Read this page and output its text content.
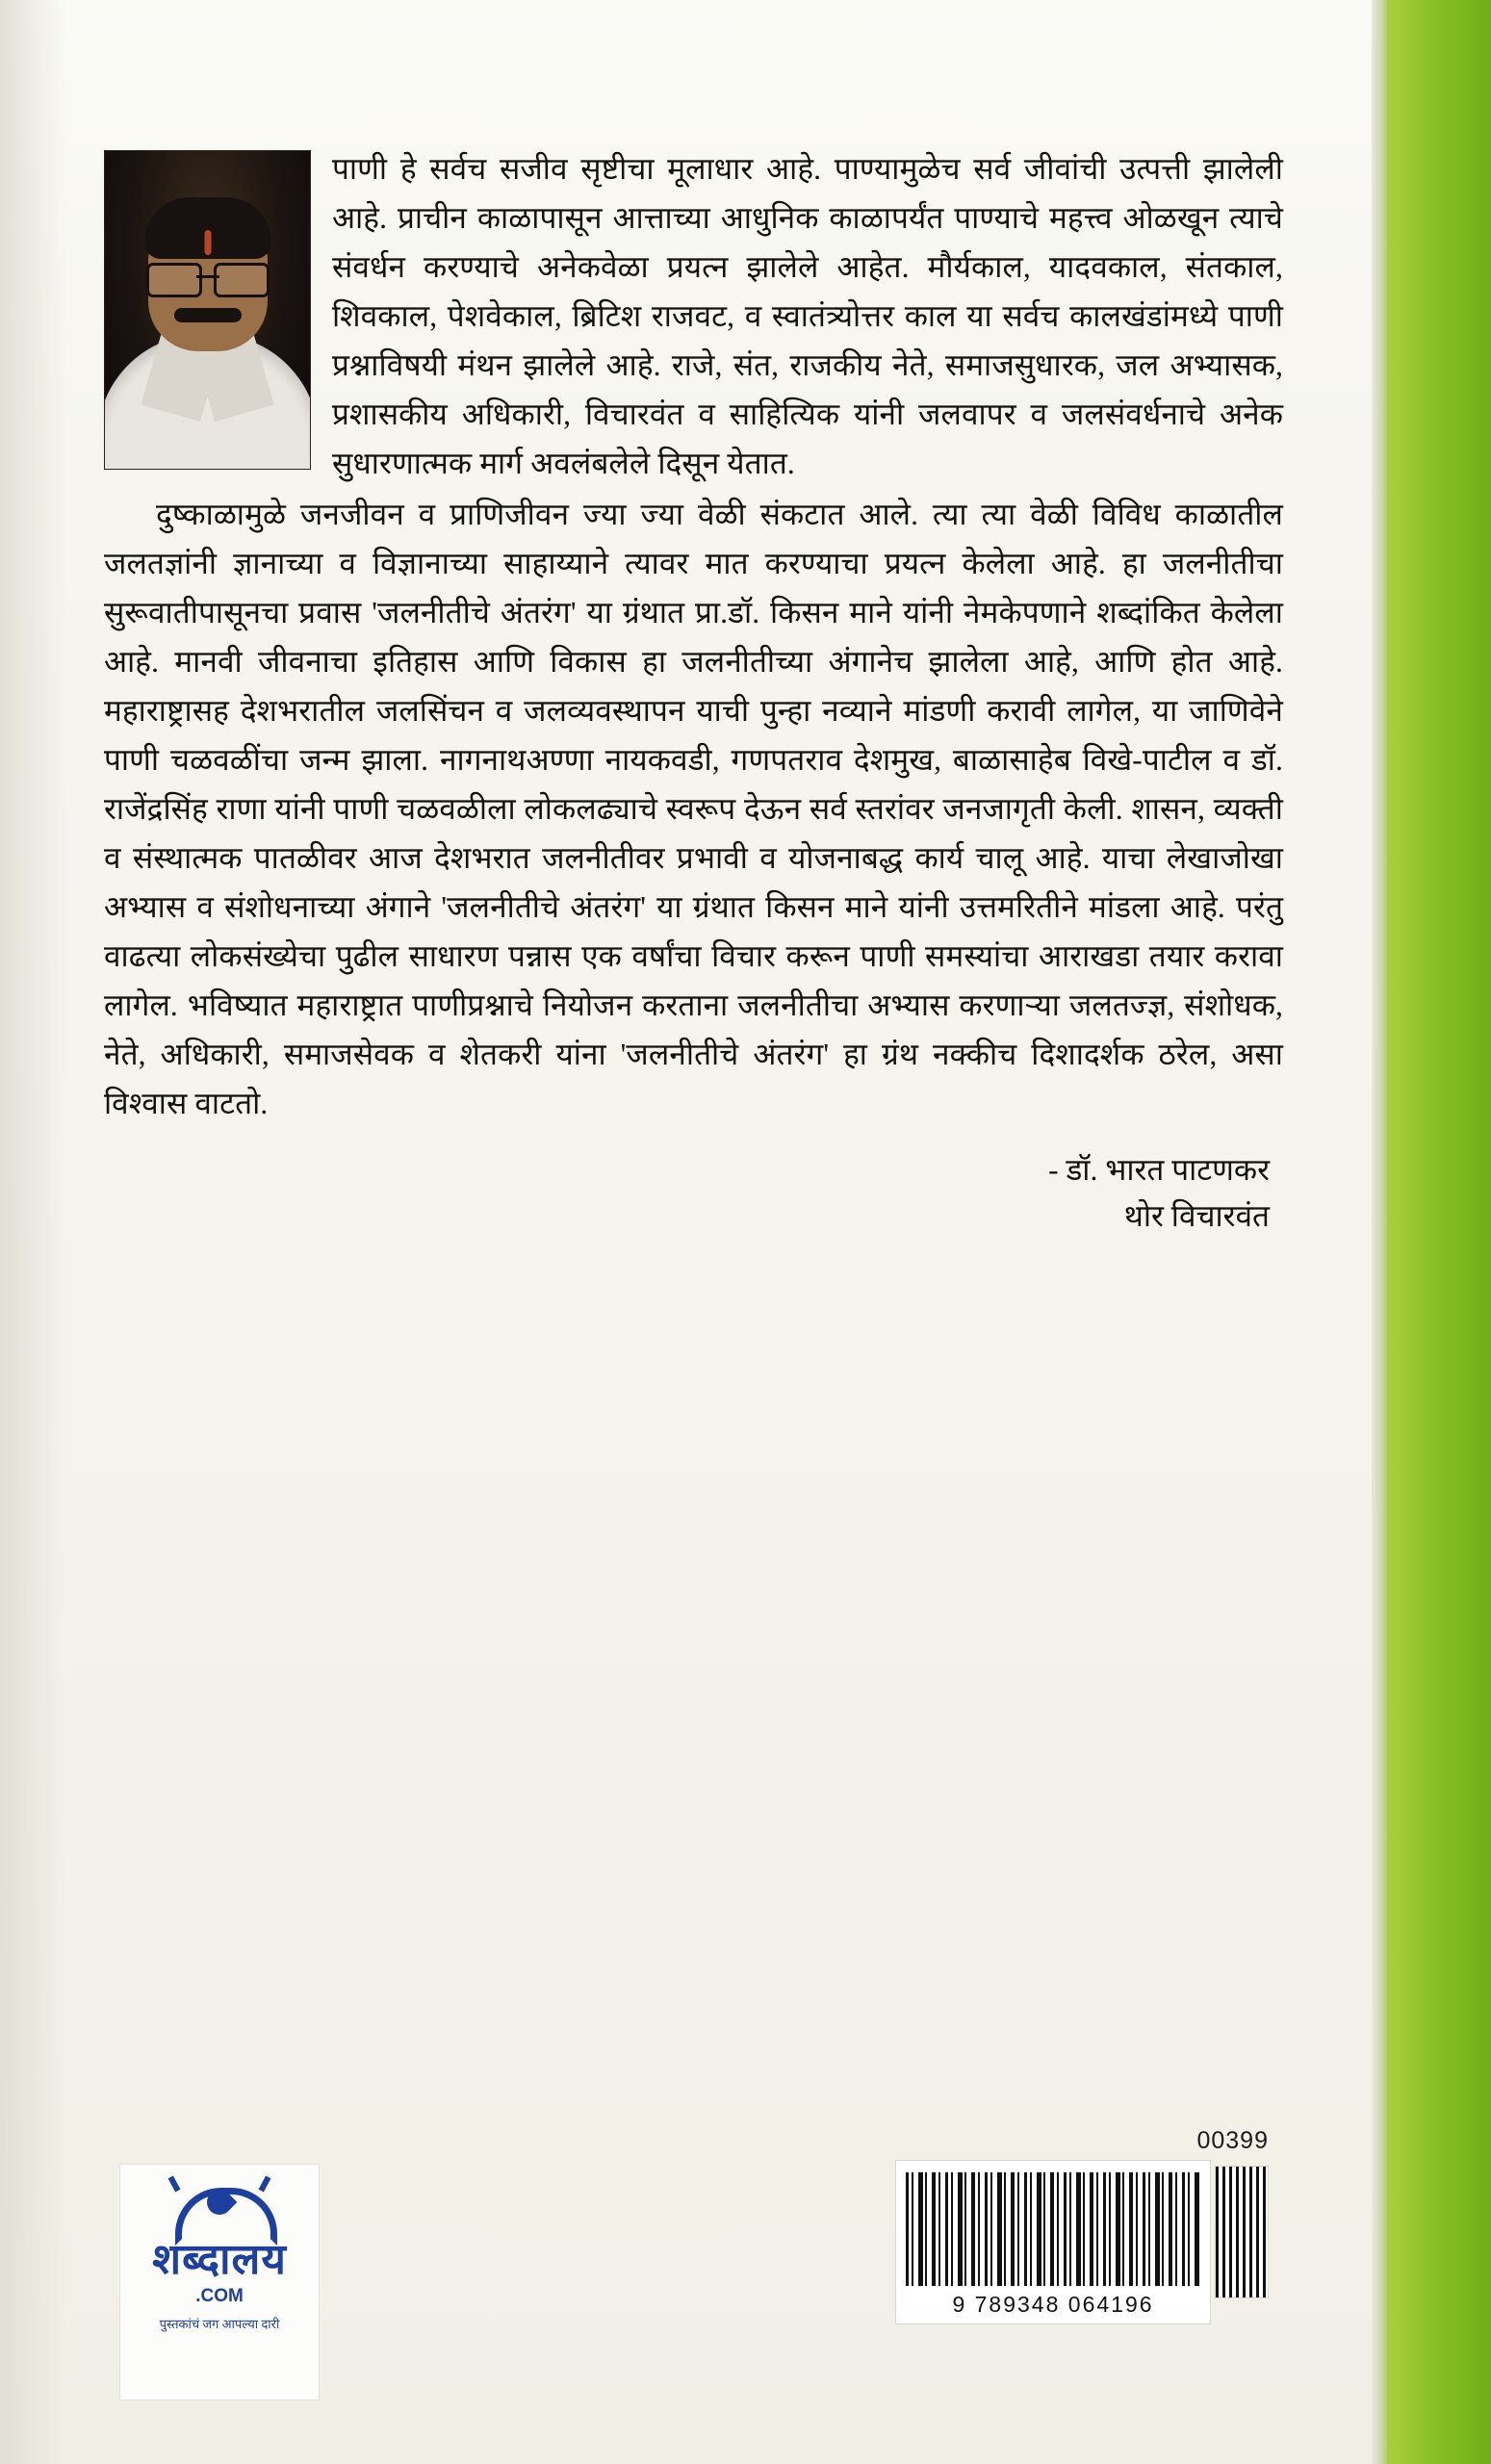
पाणी हे सर्वच सजीव सृष्टीचा मूलाधार आहे. पाण्यामुळेच सर्व जीवांची उत्पत्ती झालेली आहे. प्राचीन काळापासून आत्ताच्या आधुनिक काळापर्यंत पाण्याचे महत्त्व ओळखून त्याचे संवर्धन करण्याचे अनेकवेळा प्रयत्न झालेले आहेत. मौर्यकाल, यादवकाल, संतकाल, शिवकाल, पेशवेकाल, ब्रिटिश राजवट, व स्वातंत्र्योत्तर काल या सर्वच कालखंडांमध्ये पाणी प्रश्नाविषयी मंथन झालेले आहे. राजे, संत, राजकीय नेते, समाजसुधारक, जल अभ्यासक, प्रशासकीय अधिकारी, विचारवंत व साहित्यिक यांनी जलवापर व जलसंवर्धनाचे अनेक सुधारणात्मक मार्ग अवलंबलेले दिसून येतात.

दुष्काळामुळे जनजीवन व प्राणिजीवन ज्या ज्या वेळी संकटात आले. त्या त्या वेळी विविध काळातील जलतज्ञांनी ज्ञानाच्या व विज्ञानाच्या साहाय्याने त्यावर मात करण्याचा प्रयत्न केलेला आहे. हा जलनीतीचा सुरूवातीपासूनचा प्रवास 'जलनीतीचे अंतरंग' या ग्रंथात प्रा.डॉ. किसन माने यांनी नेमकेपणाने शब्दांकित केलेला आहे. मानवी जीवनाचा इतिहास आणि विकास हा जलनीतीच्या अंगानेच झालेला आहे, आणि होत आहे. महाराष्ट्रासह देशभरातील जलसिंचन व जलव्यवस्थापन याची पुन्हा नव्याने मांडणी करावी लागेल, या जाणिवेने पाणी चळवळींचा जन्म झाला. नागनाथअण्णा नायकवडी, गणपतराव देशमुख, बाळासाहेब विखे-पाटील व डॉ. राजेंद्रसिंह राणा यांनी पाणी चळवळीला लोकलढ्याचे स्वरूप देऊन सर्व स्तरांवर जनजागृती केली. शासन, व्यक्ती व संस्थात्मक पातळीवर आज देशभरात जलनीतीवर प्रभावी व योजनाबद्ध कार्य चालू आहे. याचा लेखाजोखा अभ्यास व संशोधनाच्या अंगाने 'जलनीतीचे अंतरंग' या ग्रंथात किसन माने यांनी उत्तमरितीने मांडला आहे. परंतु वाढत्या लोकसंख्येचा पुढील साधारण पन्नास एक वर्षांचा विचार करून पाणी समस्यांचा आराखडा तयार करावा लागेल. भविष्यात महाराष्ट्रात पाणीप्रश्नाचे नियोजन करताना जलनीतीचा अभ्यास करणाऱ्या जलतज्ज्ञ, संशोधक, नेते, अधिकारी, समाजसेवक व शेतकरी यांना 'जलनीतीचे अंतरंग' हा ग्रंथ नक्कीच दिशादर्शक ठरेल, असा विश्वास वाटतो.

- डॉ. भारत पाटणकर
थोर विचारवंत
शब्दालय
.COM
पुस्तकांचं जग आपल्या दारी
00399
9 789348 064196
